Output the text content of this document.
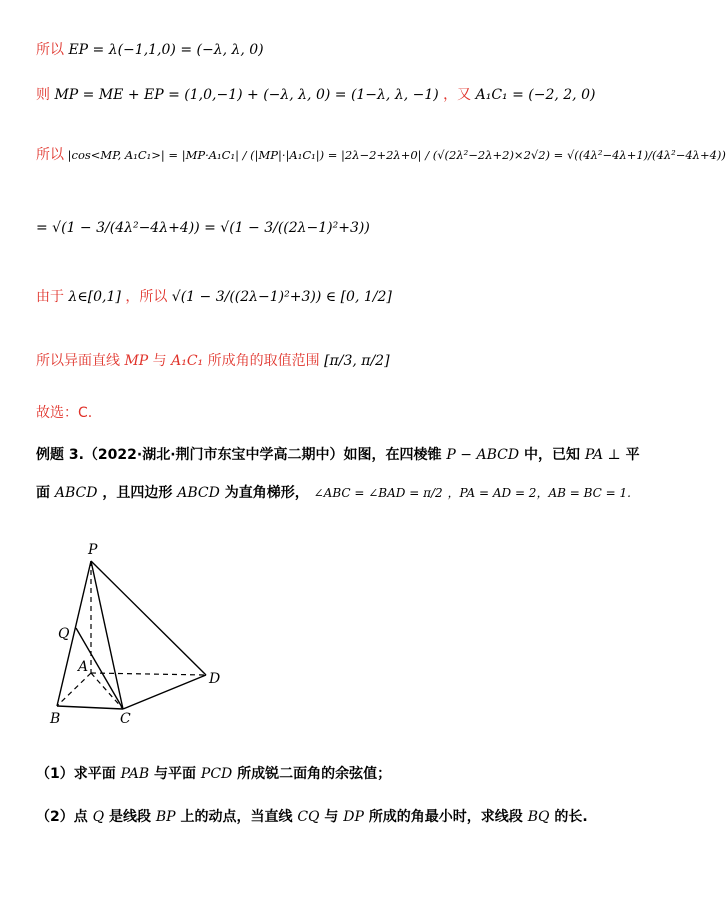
所以 EP = λ(−1,1,0) = (−λ, λ, 0)
则 MP = ME + EP = (1,0,−1) + (−λ, λ, 0) = (1−λ, λ, −1) ，又 A₁C₁ = (−2, 2, 0)
所以 |cos<MP, A₁C₁>| = |MP·A₁C₁| / (|MP|·|A₁C₁|) = |2λ−2+2λ+0| / (√(2λ²−2λ+2)×2√2) = √((4λ²−4λ+1)/(4λ²−4λ+4))
= √(1 − 3/(4λ²−4λ+4)) = √(1 − 3/((2λ−1)²+3))
由于 λ∈[0,1] ，所以 √(1 − 3/((2λ−1)²+3)) ∈ [0, 1/2]
所以异面直线 MP 与 A₁C₁ 所成角的取值范围 [π/3, π/2]
故选：C.
例题 3.（2022·湖北·荆门市东宝中学高二期中）如图，在四棱锥 P − ABCD 中，已知 PA ⊥ 平
面 ABCD ，且四边形 ABCD 为直角梯形， ∠ABC = ∠BAD = π/2 ，PA = AD = 2，AB = BC = 1.
P
Q
A
D
B	C
（1）求平面 PAB 与平面 PCD 所成锐二面角的余弦值；
（2）点 Q 是线段 BP 上的动点，当直线 CQ 与 DP 所成的角最小时，求线段 BQ 的长.
